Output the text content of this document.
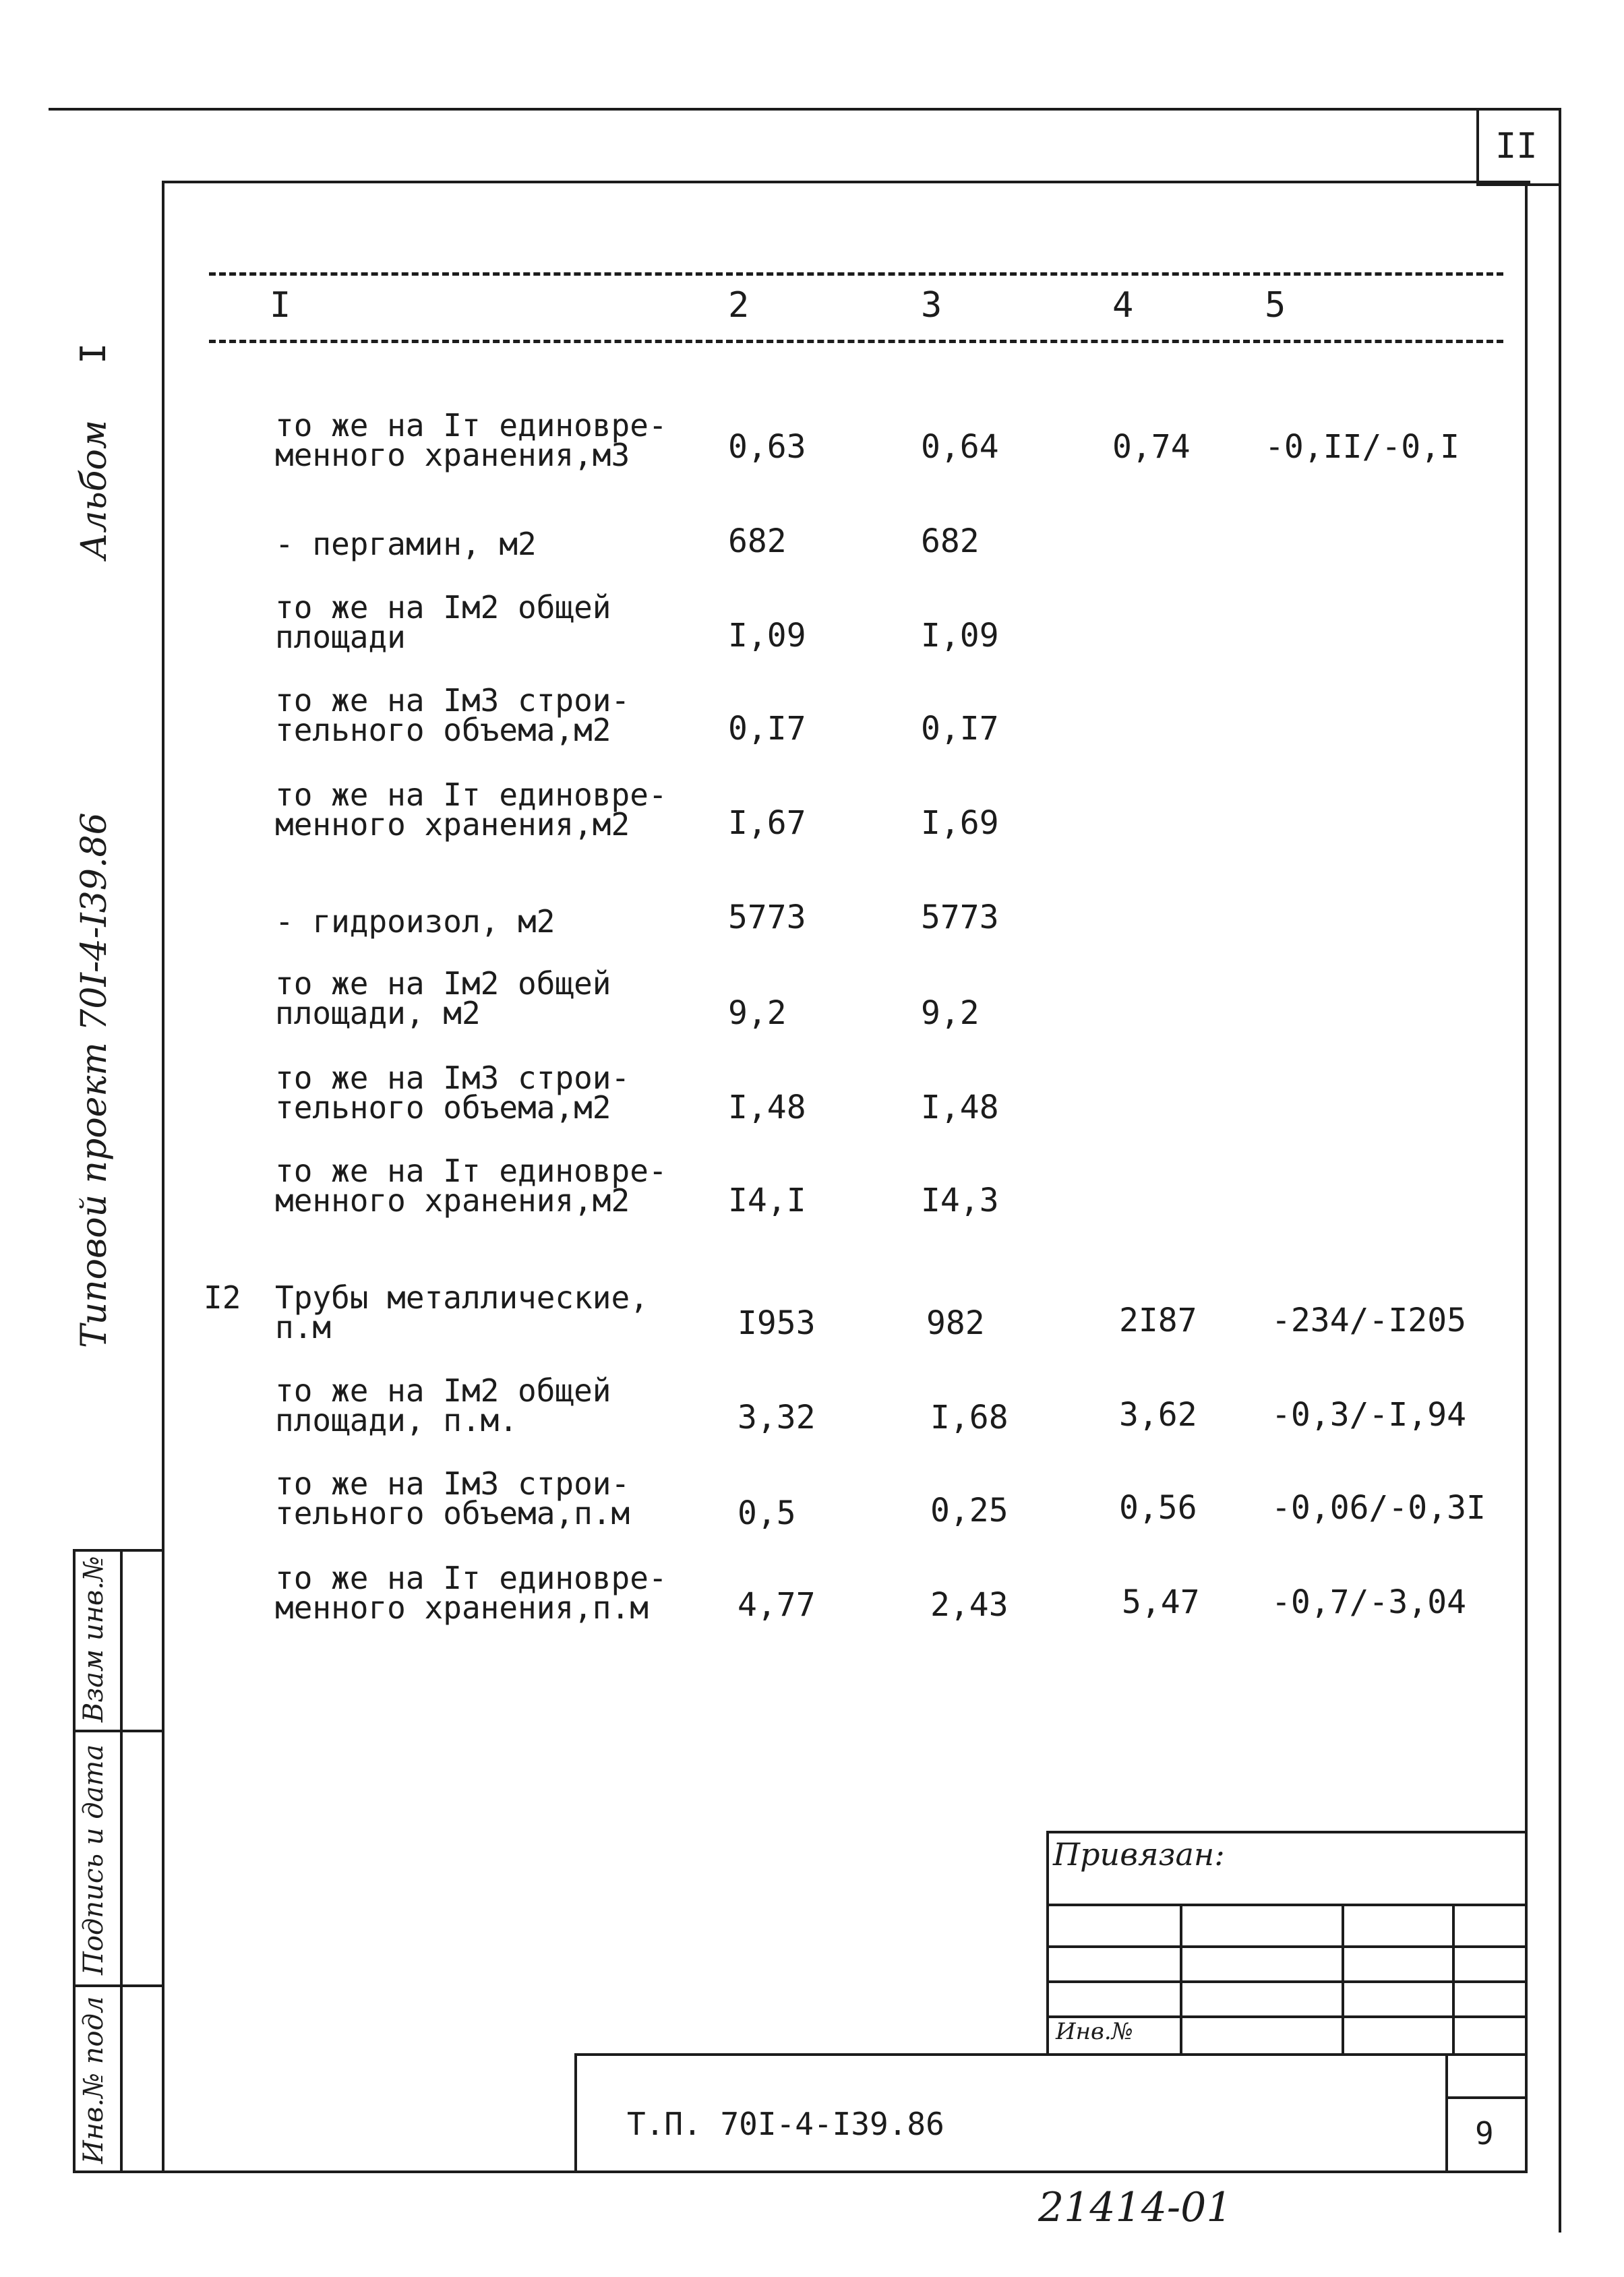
II
Инв.№ подл
Подпись и дата
Взам инв.№
Альбом
I
Типовой проект 70I-4-I39.86
I	2	3	4	5
то же на Iт единовре-
менного хранения,м3	0,63	0,64	0,74 -0,II/-0,I
- пергамин, м2	682	682
то же на Iм2 общей
площади	I,09	I,09
то же на Iм3 строи-
тельного объема,м2	0,I7	0,I7
то же на Iт единовре-
менного хранения,м2	I,67	I,69
- гидроизол, м2	5773	5773
то же на Iм2 общей
площади, м2	9,2	9,2
то же на Iм3 строи-
тельного объема,м2	I,48	I,48
то же на Iт единовре-
менного хранения,м2	I4,I	I4,3
I2 Трубы металлические,
п.м	I953	982	2I87 -234/-I205
то же на Iм2 общей
площади, п.м.	3,32	I,68	3,62 -0,3/-I,94
то же на Iм3 строи-
тельного объема,п.м	0,5	0,25	0,56 -0,06/-0,3I
то же на Iт единовре-
менного хранения,п.м	4,77	2,43	5,47 -0,7/-3,04
Привязан:
Инв.№
Т.П. 70I-4-I39.86	9
21414-01
